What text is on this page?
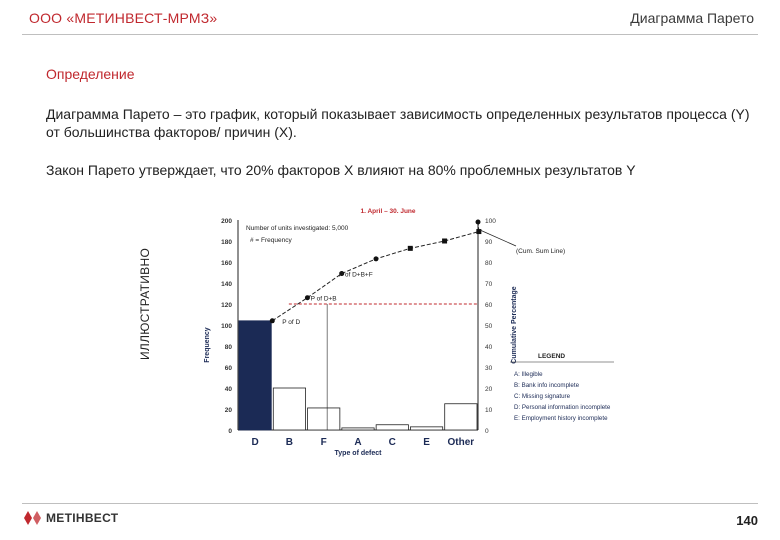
ООО «МЕТИНВЕСТ-МРМЗ»	Диаграмма Парето
Определение
Диаграмма Парето – это график, который показывает зависимость определенных результатов процесса (Y) от большинства факторов/ причин (X).
Закон Парето утверждает, что 20% факторов X влияют на 80% проблемных результатов Y
ИЛЛЮСТРАТИВНО
0
20
40
60
80
100
120
140
160
180
200
0
10
20
30
40
50
60
70
80
90
100
D	B	F	A	C	E Other
P of D
P of D+B
P of D+B+F
1. April – 30. June
Number of units investigated: 5,000
# = Frequency
Type of defect
Frequency	Cumulative Percentage
(Cum. Sum Line)
LEGEND
A: Illegible
B: Bank info incomplete
C: Missing signature
D: Personal information incomplete
E: Employment history incomplete
МЕТІНВЕСТ	140
